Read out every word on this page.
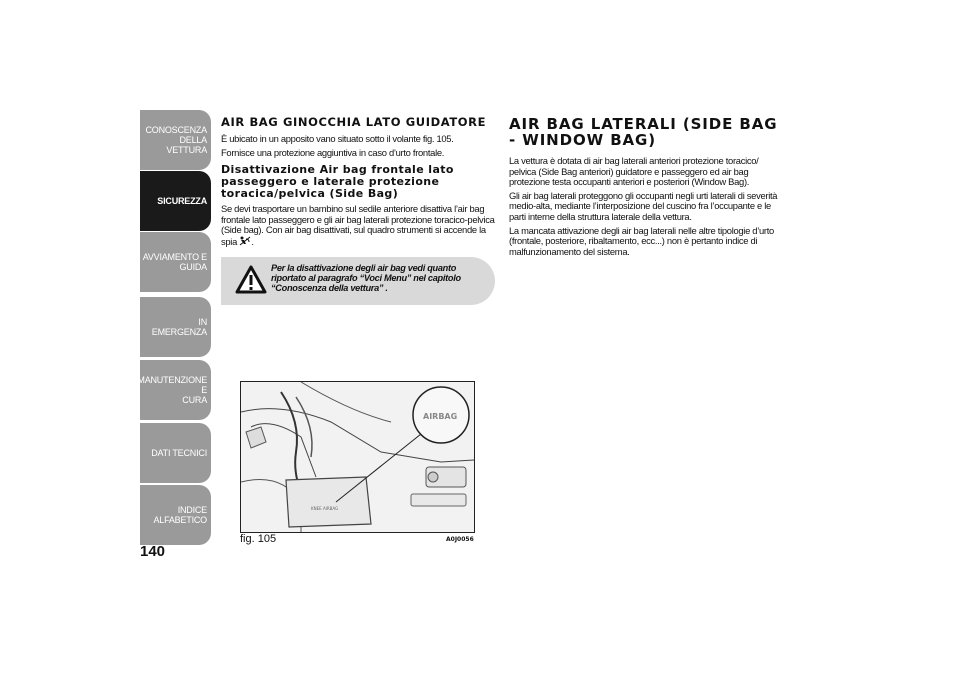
CONOSCENZA
DELLA VETTURA
SICUREZZA
AVVIAMENTO E
GUIDA
IN EMERGENZA
MANUTENZIONE E
CURA
DATI TECNICI
INDICE ALFABETICO
140
AIR BAG GINOCCHIA LATO GUIDATORE

È ubicato in un apposito vano situato sotto il volante fig. 105.

Fornisce una protezione aggiuntiva in caso d’urto frontale.

Disattivazione Air bag frontale lato passeggero e laterale protezione toracica/pelvica (Side Bag)

Se devi trasportare un bambino sul sedile anteriore disattiva l’air bag frontale lato passeggero e gli air bag laterali protezione toracico-pelvica (Side bag). Con air bag disattivati, sul quadro strumenti si accende la spia .

Per la disattivazione degli air bag vedi quanto riportato al paragrafo “Voci Menu” nel capitolo “Conoscenza della vettura” .
KNEE AIRBAG
AIRBAG
fig. 105	A0J0056
AIR BAG LATERALI (SIDE BAG - WINDOW BAG)

La vettura è dotata di air bag laterali anteriori protezione toracico/ pelvica (Side Bag anteriori) guidatore e passeggero ed air bag protezione testa occupanti anteriori e posteriori (Window Bag).

Gli air bag laterali proteggono gli occupanti negli urti laterali di severità medio-alta, mediante l’interposizione del cuscino fra l’occupante e le parti interne della struttura laterale della vettura.

La mancata attivazione degli air bag laterali nelle altre tipologie d’urto (frontale, posteriore, ribaltamento, ecc...) non è pertanto indice di malfunzionamento del sistema.
